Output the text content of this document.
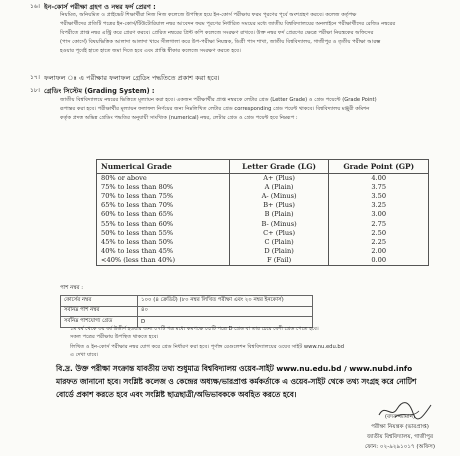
১৬। ইন-কোর্স পরীক্ষা গ্রহণ ও নম্বর ফর্দ প্রেরণ :
নিয়মিত, অনিয়মিত ও প্রাইভেট শিক্ষার্থীরা নিজ নিজ কলেজে উপস্থিত হয়ে ইন-কোর্স পরীক্ষায় ফরম পূরণের পূর্বে অংশগ্রহণ করবে। কলেজ কর্তৃপক্ষ
পরীক্ষার্থীদের প্রতিটি পত্রের ইন-কোর্স/টিউটোরিয়াল নম্বর আবেদন ফরম পূরণের নির্ধারিত সময়ের মধ্যে জাতীয় বিশ্ববিদ্যালয়ের অনলাইনে পরীক্ষার্থীদের রেজিঃ নম্বরের
বিপরীতে প্রাপ্ত নম্বর এন্ট্রি করে প্রেরণ করবে। প্রেরিত নম্বরের প্রিন্ট কপি কলেজে সংরক্ষণ রাখবে। উক্ত নম্বর ফর্দ প্রেরণের ক্ষেত্রে পরীক্ষা নিয়ন্ত্রকের অফিসের
(পাস কোর্সে) বিষয়ভিত্তিক আলাদা আলাদা খামে সীলগালা করে উপ-পরীক্ষা নিয়ন্ত্রক, ডিগ্রী পাস শাখা, জাতীয় বিশ্ববিদ্যালয়, গাজীপুর ও তৃতীয় পরীক্ষা আরম্ভ
হওয়ার পূর্বেই হাতে হাতে জমা দিতে হবে এবং প্রাপ্তি স্বীকার কলেজে সংরক্ষণ করতে হবে।
১৭। ফলাফল ঃ এ পরীক্ষার ফলাফল গ্রেডিং পদ্ধতিতে প্রকাশ করা হবে।
১৮। গ্রেডিং সিস্টেম (Grading System) :
জাতীয় বিশ্ববিদ্যালয়ে নম্বরের ভিত্তিতে মূল্যায়ন করা হবে। একজন পরীক্ষার্থীর প্রাপ্ত নম্বরকে লেটার গ্রেড (Letter Grade) ও গ্রেড পয়েন্টে (Grade Point)
রূপান্তর করা হবে। পরীক্ষার্থীর মূল্যায়ন ফলাফল নির্ণয়ের জন্য নিম্নলিখিত লেটার গ্রেড corresponding গ্রেড পয়েন্ট থাকবে। বিশ্ববিদ্যালয় মঞ্জুরী কমিশন
কর্তৃক প্রদত্ত অভিন্ন গ্রেডিং পদ্ধতির অনুযায়ী সাংখ্যিক (numerical) নম্বর, লেটার গ্রেড ও গ্রেড পয়েন্ট হবে নিম্নরূপ :
Numerical Grade	Letter Grade (LG)	Grade Point (GP)
80% or above	A+ (Plus)	4.00
75% to less than 80%	A (Plain)	3.75
70% to less than 75%	A- (Minus)	3.50
65% to less than 70%	B+ (Plus)	3.25
60% to less than 65%	B (Plain)	3.00
55% to less than 60%	B- (Minus)	2.75
50% to less than 55%	C+ (Plus)	2.50
45% to less than 50%	C (Plain)	2.25
40% to less than 45%	D (Plain)	2.00
<40% (less than 40%)	F (Fail)	0.00
পাশ নম্বর :
কোর্সের নম্বর	১০০ (৪ ক্রেডিট) (৮০ নম্বর লিখিত পরীক্ষা এবং ২০ নম্বর ইনকোর্স)
সর্বনিম্ন পাশ নম্বর	৪০
সর্বনিম্ন পাশযোগ্য গ্রেড	D
১ম বর্ষ থেকে ৩য় বর্ষ উত্তীর্ণ হওয়ার জন্য ০৭টি পত্র মধ্যে কমপক্ষে ০৫টি পত্রে D গ্রেড বা তার চেয়ে বেশী গ্রেড পেতে হবে।
সকল পত্রের পরীক্ষায় উপস্থিত থাকতে হবে।
লিখিত ও ইন-কোর্স পরীক্ষার নম্বর যোগ করে গ্রেড নির্ধারণ করা হবে। পূর্ণাঙ্গ রেগুলেশন বিশ্ববিদ্যালয়ের ওয়েব সাইট www.nu.edu.bd
এ দেখা যাবে।
বি.দ্র. উক্ত পরীক্ষা সংক্রান্ত যাবতীয় তথ্য শুধুমাত্র বিশ্ববিদ্যালয় ওয়েব-সাইট www.nu.edu.bd / www.nubd.info
মারফত জানানো হবে। সংশ্লিষ্ট কলেজ ও কেন্দ্রের অধ্যক্ষ/ভারপ্রাপ্ত কর্মকর্তাকে এ ওয়েব-সাইট থেকে তথ্য সংগ্রহ করে নোটিশ
বোর্ডে প্রকাশ করতে হবে এবং সংশ্লিষ্ট ছাত্রছাত্রী/অভিভাবককে অবহিত করতে হবে।
(বদরুজ্জামান)
পরীক্ষা নিয়ন্ত্রক (ভারপ্রাপ্ত)
জাতীয় বিশ্ববিদ্যালয়, গাজীপুর
ফোন: ০২-৯২৯১০১৭ (অফিস)
